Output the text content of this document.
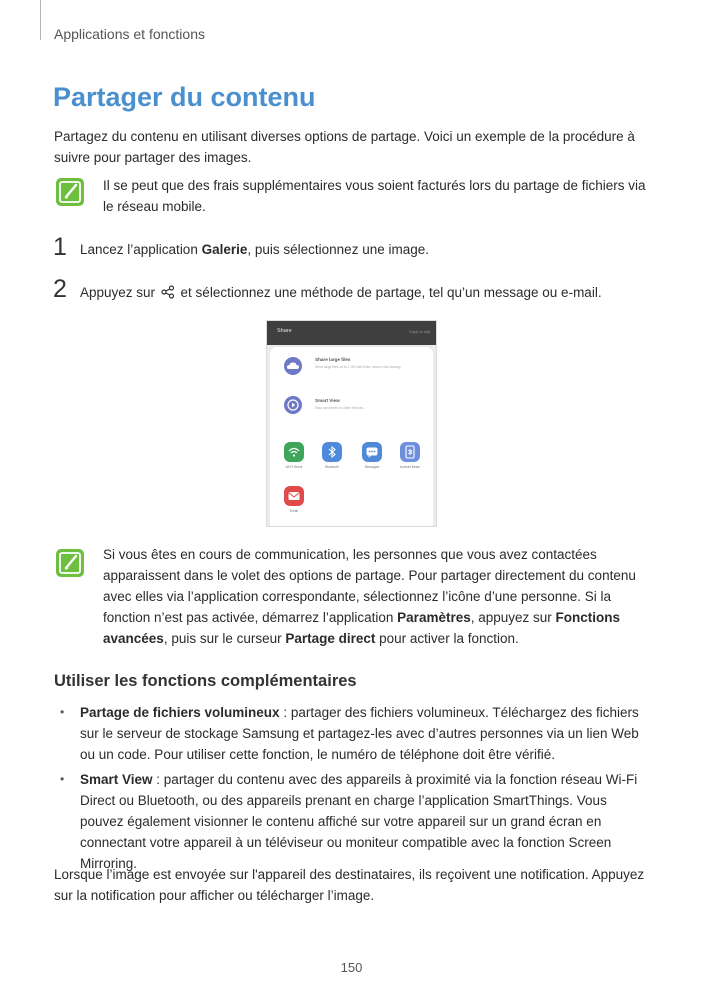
Applications et fonctions
Partager du contenu
Partagez du contenu en utilisant diverses options de partage. Voici un exemple de la procédure à suivre pour partager des images.
Il se peut que des frais supplémentaires vous soient facturés lors du partage de fichiers via le réseau mobile.
1 Lancez l’application Galerie, puis sélectionnez une image.
2 Appuyez sur  et sélectionnez une méthode de partage, tel qu’un message ou e-mail.
Share	Copy to clip
Share large files
Send large files up to 1 GB with links, secure link sharing.
Smart View
Stay connected to other devices.
Wi-Fi Direct	Bluetooth	Messages	Android Beam
Email
Si vous êtes en cours de communication, les personnes que vous avez contactées apparaissent dans le volet des options de partage. Pour partager directement du contenu avec elles via l’application correspondante, sélectionnez l’icône d’une personne. Si la fonction n’est pas activée, démarrez l’application Paramètres, appuyez sur Fonctions avancées, puis sur le curseur Partage direct pour activer la fonction.
Utiliser les fonctions complémentaires
• Partage de fichiers volumineux : partager des fichiers volumineux. Téléchargez des fichiers sur le serveur de stockage Samsung et partagez-les avec d’autres personnes via un lien Web ou un code. Pour utiliser cette fonction, le numéro de téléphone doit être vérifié.
• Smart View : partager du contenu avec des appareils à proximité via la fonction réseau Wi-Fi Direct ou Bluetooth, ou des appareils prenant en charge l’application SmartThings. Vous pouvez également visionner le contenu affiché sur votre appareil sur un grand écran en connectant votre appareil à un téléviseur ou moniteur compatible avec la fonction Screen Mirroring.
Lorsque l’image est envoyée sur l'appareil des destinataires, ils reçoivent une notification. Appuyez sur la notification pour afficher ou télécharger l’image.
150
